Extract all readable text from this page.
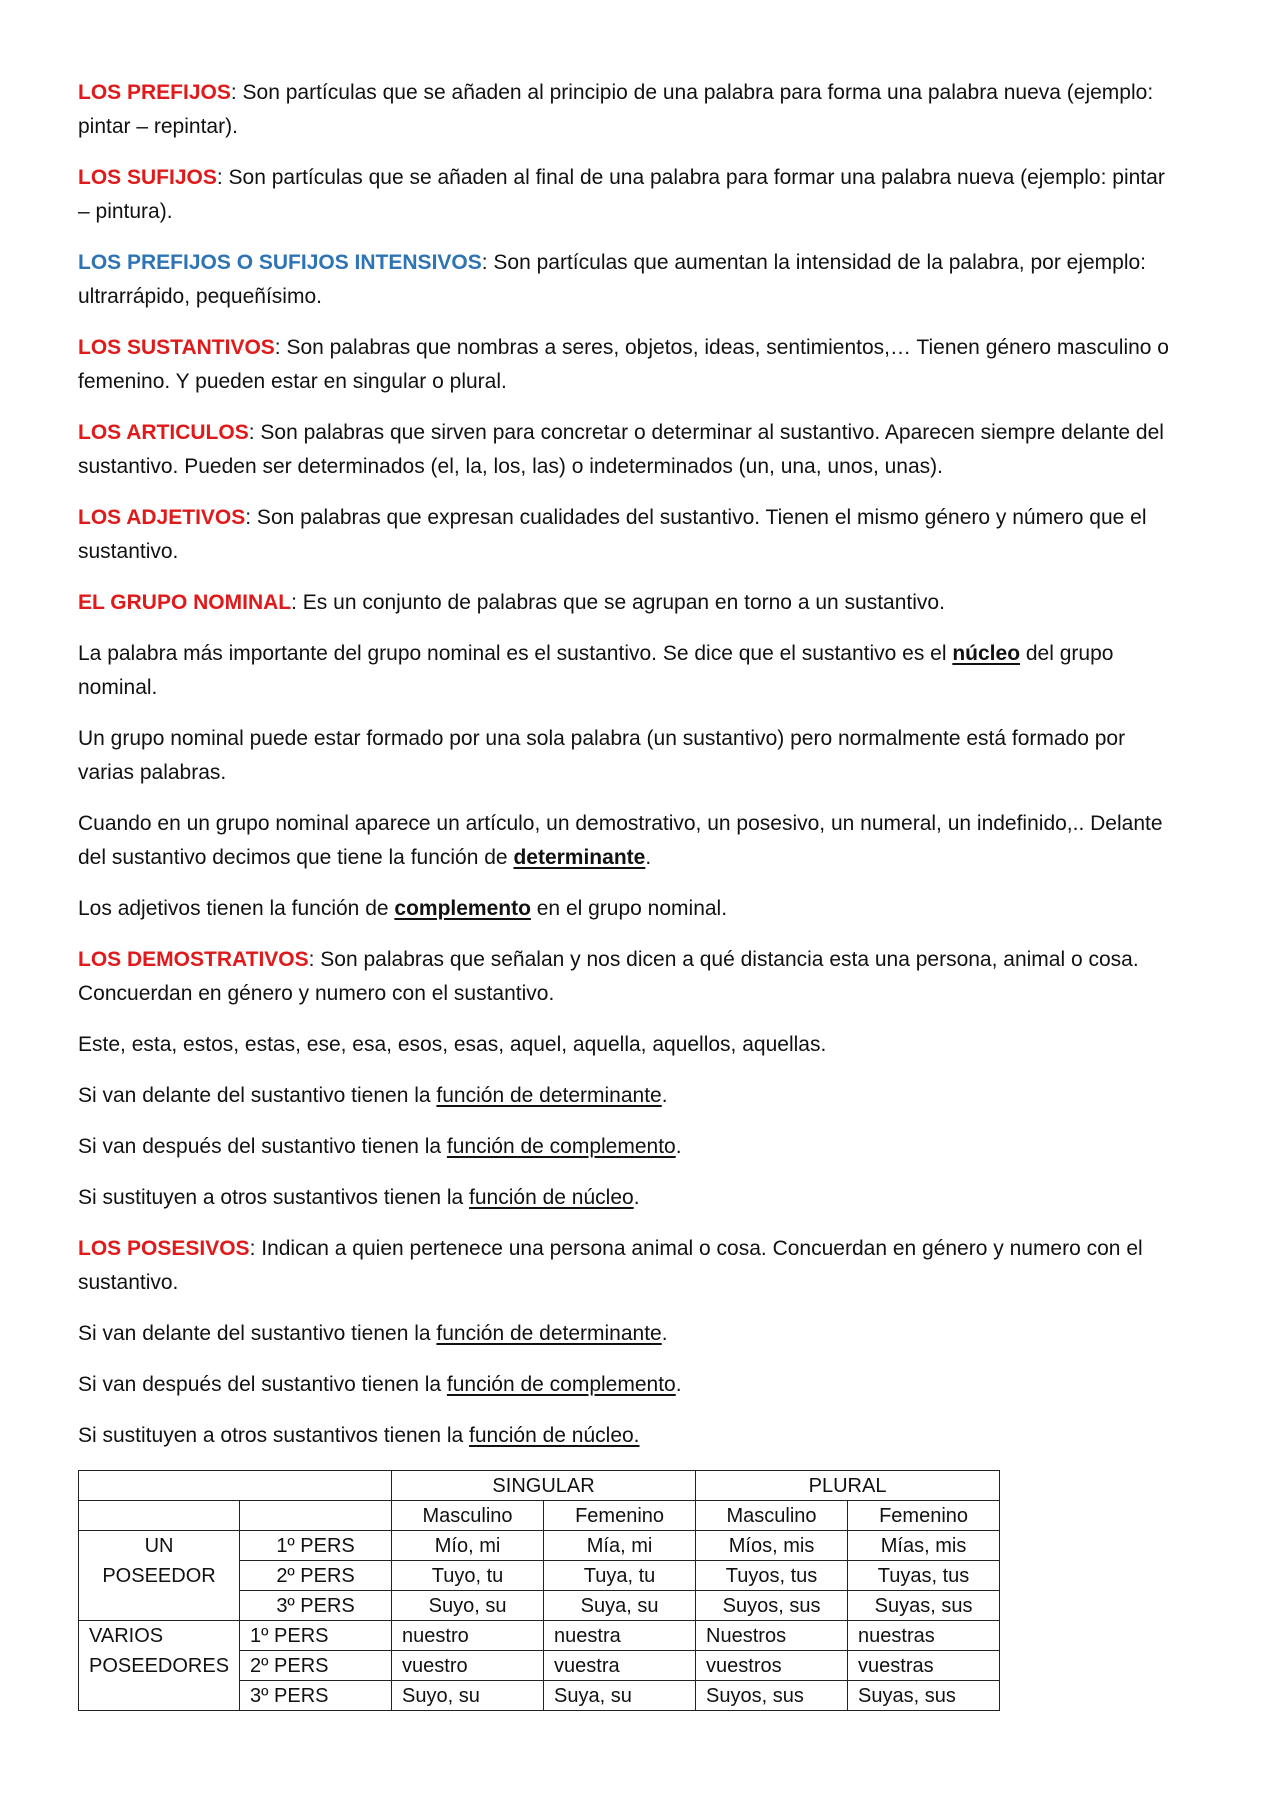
LOS PREFIJOS: Son partículas que se añaden al principio de una palabra para forma una palabra nueva (ejemplo: pintar – repintar).

LOS SUFIJOS: Son partículas que se añaden al final de una palabra para formar una palabra nueva (ejemplo: pintar – pintura).

LOS PREFIJOS O SUFIJOS INTENSIVOS: Son partículas que aumentan la intensidad de la palabra, por ejemplo: ultrarrápido, pequeñísimo.

LOS SUSTANTIVOS: Son palabras que nombras a seres, objetos, ideas, sentimientos,… Tienen género masculino o femenino. Y pueden estar en singular o plural.

LOS ARTICULOS: Son palabras que sirven para concretar o determinar al sustantivo. Aparecen siempre delante del sustantivo. Pueden ser determinados (el, la, los, las) o indeterminados (un, una, unos, unas).

LOS ADJETIVOS: Son palabras que expresan cualidades del sustantivo. Tienen el mismo género y número que el sustantivo.

EL GRUPO NOMINAL: Es un conjunto de palabras que se agrupan en torno a un sustantivo.

La palabra más importante del grupo nominal es el sustantivo. Se dice que el sustantivo es el núcleo del grupo nominal.

Un grupo nominal puede estar formado por una sola palabra (un sustantivo) pero normalmente está formado por varias palabras.

Cuando en un grupo nominal aparece un artículo, un demostrativo, un posesivo, un numeral, un indefinido,.. Delante del sustantivo decimos que tiene la función de determinante.

Los adjetivos tienen la función de complemento en el grupo nominal.

LOS DEMOSTRATIVOS: Son palabras que señalan y nos dicen a qué distancia esta una persona, animal o cosa. Concuerdan en género y numero con el sustantivo.

Este, esta, estos, estas, ese, esa, esos, esas, aquel, aquella, aquellos, aquellas.

Si van delante del sustantivo tienen la función de determinante.

Si van después del sustantivo tienen la función de complemento.

Si sustituyen a otros sustantivos tienen la función de núcleo.

LOS POSESIVOS: Indican a quien pertenece una persona animal o cosa. Concuerdan en género y numero con el sustantivo.

Si van delante del sustantivo tienen la función de determinante.

Si van después del sustantivo tienen la función de complemento.

Si sustituyen a otros sustantivos tienen la función de núcleo.

		SINGULAR		PLURAL	
		Masculino	Femenino	Masculino	Femenino
UN	1º PERS	Mío, mi	Mía, mi	Míos, mis	Mías, mis
POSEEDOR	2º PERS	Tuyo, tu	Tuya, tu	Tuyos, tus	Tuyas, tus
	3º PERS	Suyo, su	Suya, su	Suyos, sus	Suyas, sus
VARIOS	1º PERS	nuestro	nuestra	Nuestros	nuestras
POSEEDORES	2º PERS	vuestro	vuestra	vuestros	vuestras
	3º PERS	Suyo, su	Suya, su	Suyos, sus	Suyas, sus
